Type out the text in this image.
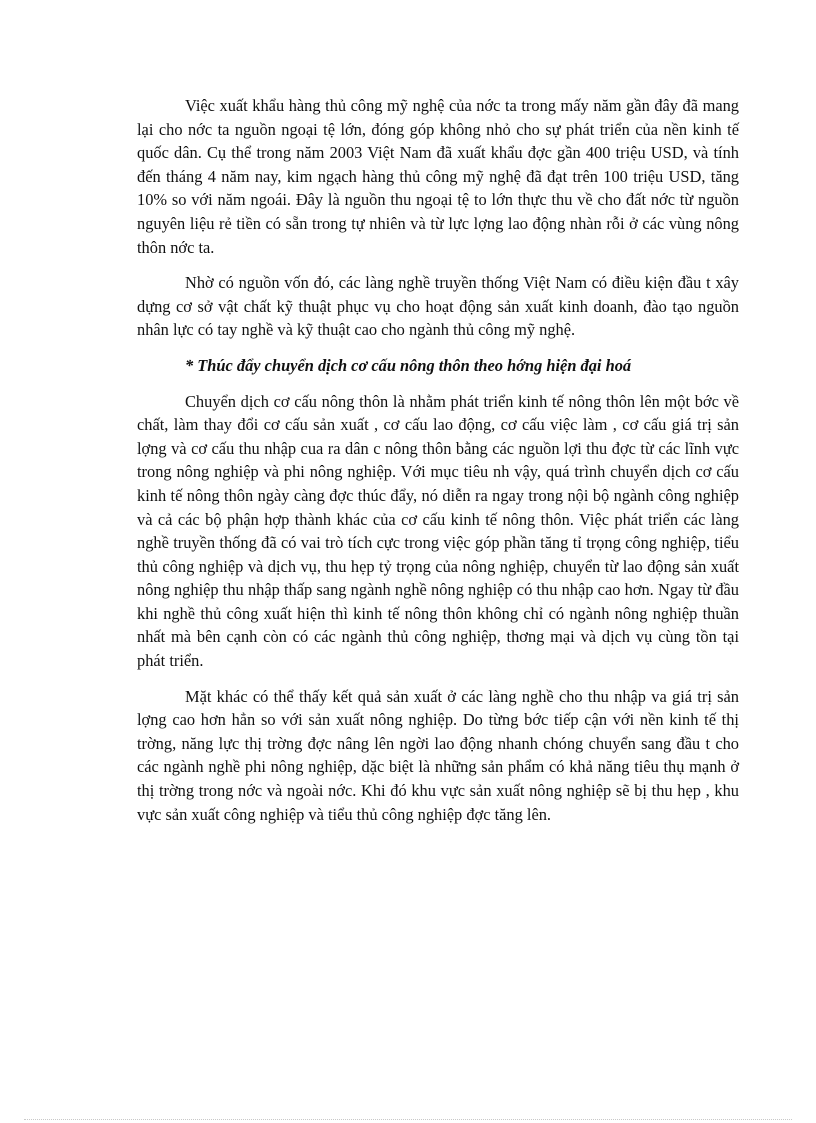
Việc xuất khẩu hàng thủ công mỹ nghệ của nớc ta trong mấy năm gần đây đã mang lại cho nớc ta nguồn ngoại tệ lớn, đóng góp không nhỏ cho sự phát triển của nền kinh tế quốc dân. Cụ thể trong năm 2003 Việt Nam đã xuất khẩu đợc gần 400 triệu USD, và tính đến tháng 4 năm nay, kim ngạch hàng thủ công mỹ nghệ đã đạt trên 100 triệu USD, tăng 10% so với năm ngoái. Đây là nguồn thu ngoại tệ to lớn thực thu về cho đất nớc từ nguồn nguyên liệu rẻ tiền có sẵn trong tự nhiên và từ lực lợng lao động nhàn rỗi ở các vùng nông thôn nớc ta.

Nhờ có nguồn vốn đó, các làng nghề truyền thống Việt Nam có điều kiện đầu t xây dựng cơ sở vật chất kỹ thuật phục vụ cho hoạt động sản xuất kinh doanh, đào tạo nguồn nhân lực có tay nghề và kỹ thuật cao cho ngành thủ công mỹ nghệ.

* Thúc đẩy chuyển dịch cơ cấu nông thôn theo hớng hiện đại hoá

Chuyển dịch cơ cấu nông thôn là nhằm phát triển kinh tế nông thôn lên một bớc về chất, làm thay đổi cơ cấu sản xuất , cơ cấu lao động, cơ cấu việc làm , cơ cấu giá trị sản lợng và cơ cấu thu nhập cua ra dân c nông thôn bằng các nguồn lợi thu đợc từ các lĩnh vực trong nông nghiệp và phi nông nghiệp. Với mục tiêu nh vậy, quá trình chuyển dịch cơ cấu kinh tế nông thôn ngày càng đợc thúc đẩy, nó diễn ra ngay trong nội bộ ngành công nghiệp và cả các bộ phận hợp thành khác của cơ cấu kinh tế nông thôn. Việc phát triển các làng nghề truyền thống đã có vai trò tích cực trong việc góp phần tăng tỉ trọng công nghiệp, tiểu thủ công nghiệp và dịch vụ, thu hẹp tỷ trọng của nông nghiệp, chuyển từ lao động sản xuất nông nghiệp thu nhập thấp sang ngành nghề nông nghiệp có thu nhập cao hơn. Ngay từ đầu khi nghề thủ công xuất hiện thì kinh tế nông thôn không chỉ có ngành nông nghiệp thuần nhất mà bên cạnh còn có các ngành thủ công nghiệp, thơng mại và dịch vụ cùng tồn tại phát triển.

Mặt khác có thể thấy kết quả sản xuất ở các làng nghề cho thu nhập va giá trị sản lợng cao hơn hẳn so với sản xuất nông nghiệp. Do từng bớc tiếp cận với nền kinh tế thị trờng, năng lực thị trờng đợc nâng lên ngời lao động nhanh chóng chuyển sang đầu t cho các ngành nghề phi nông nghiệp, dặc biệt là những sản phẩm có khả năng tiêu thụ mạnh ở thị trờng trong nớc và ngoài nớc. Khi đó khu vực sản xuất nông nghiệp sẽ bị thu hẹp , khu vực sản xuất công nghiệp và tiểu thủ công nghiệp đợc tăng lên.
